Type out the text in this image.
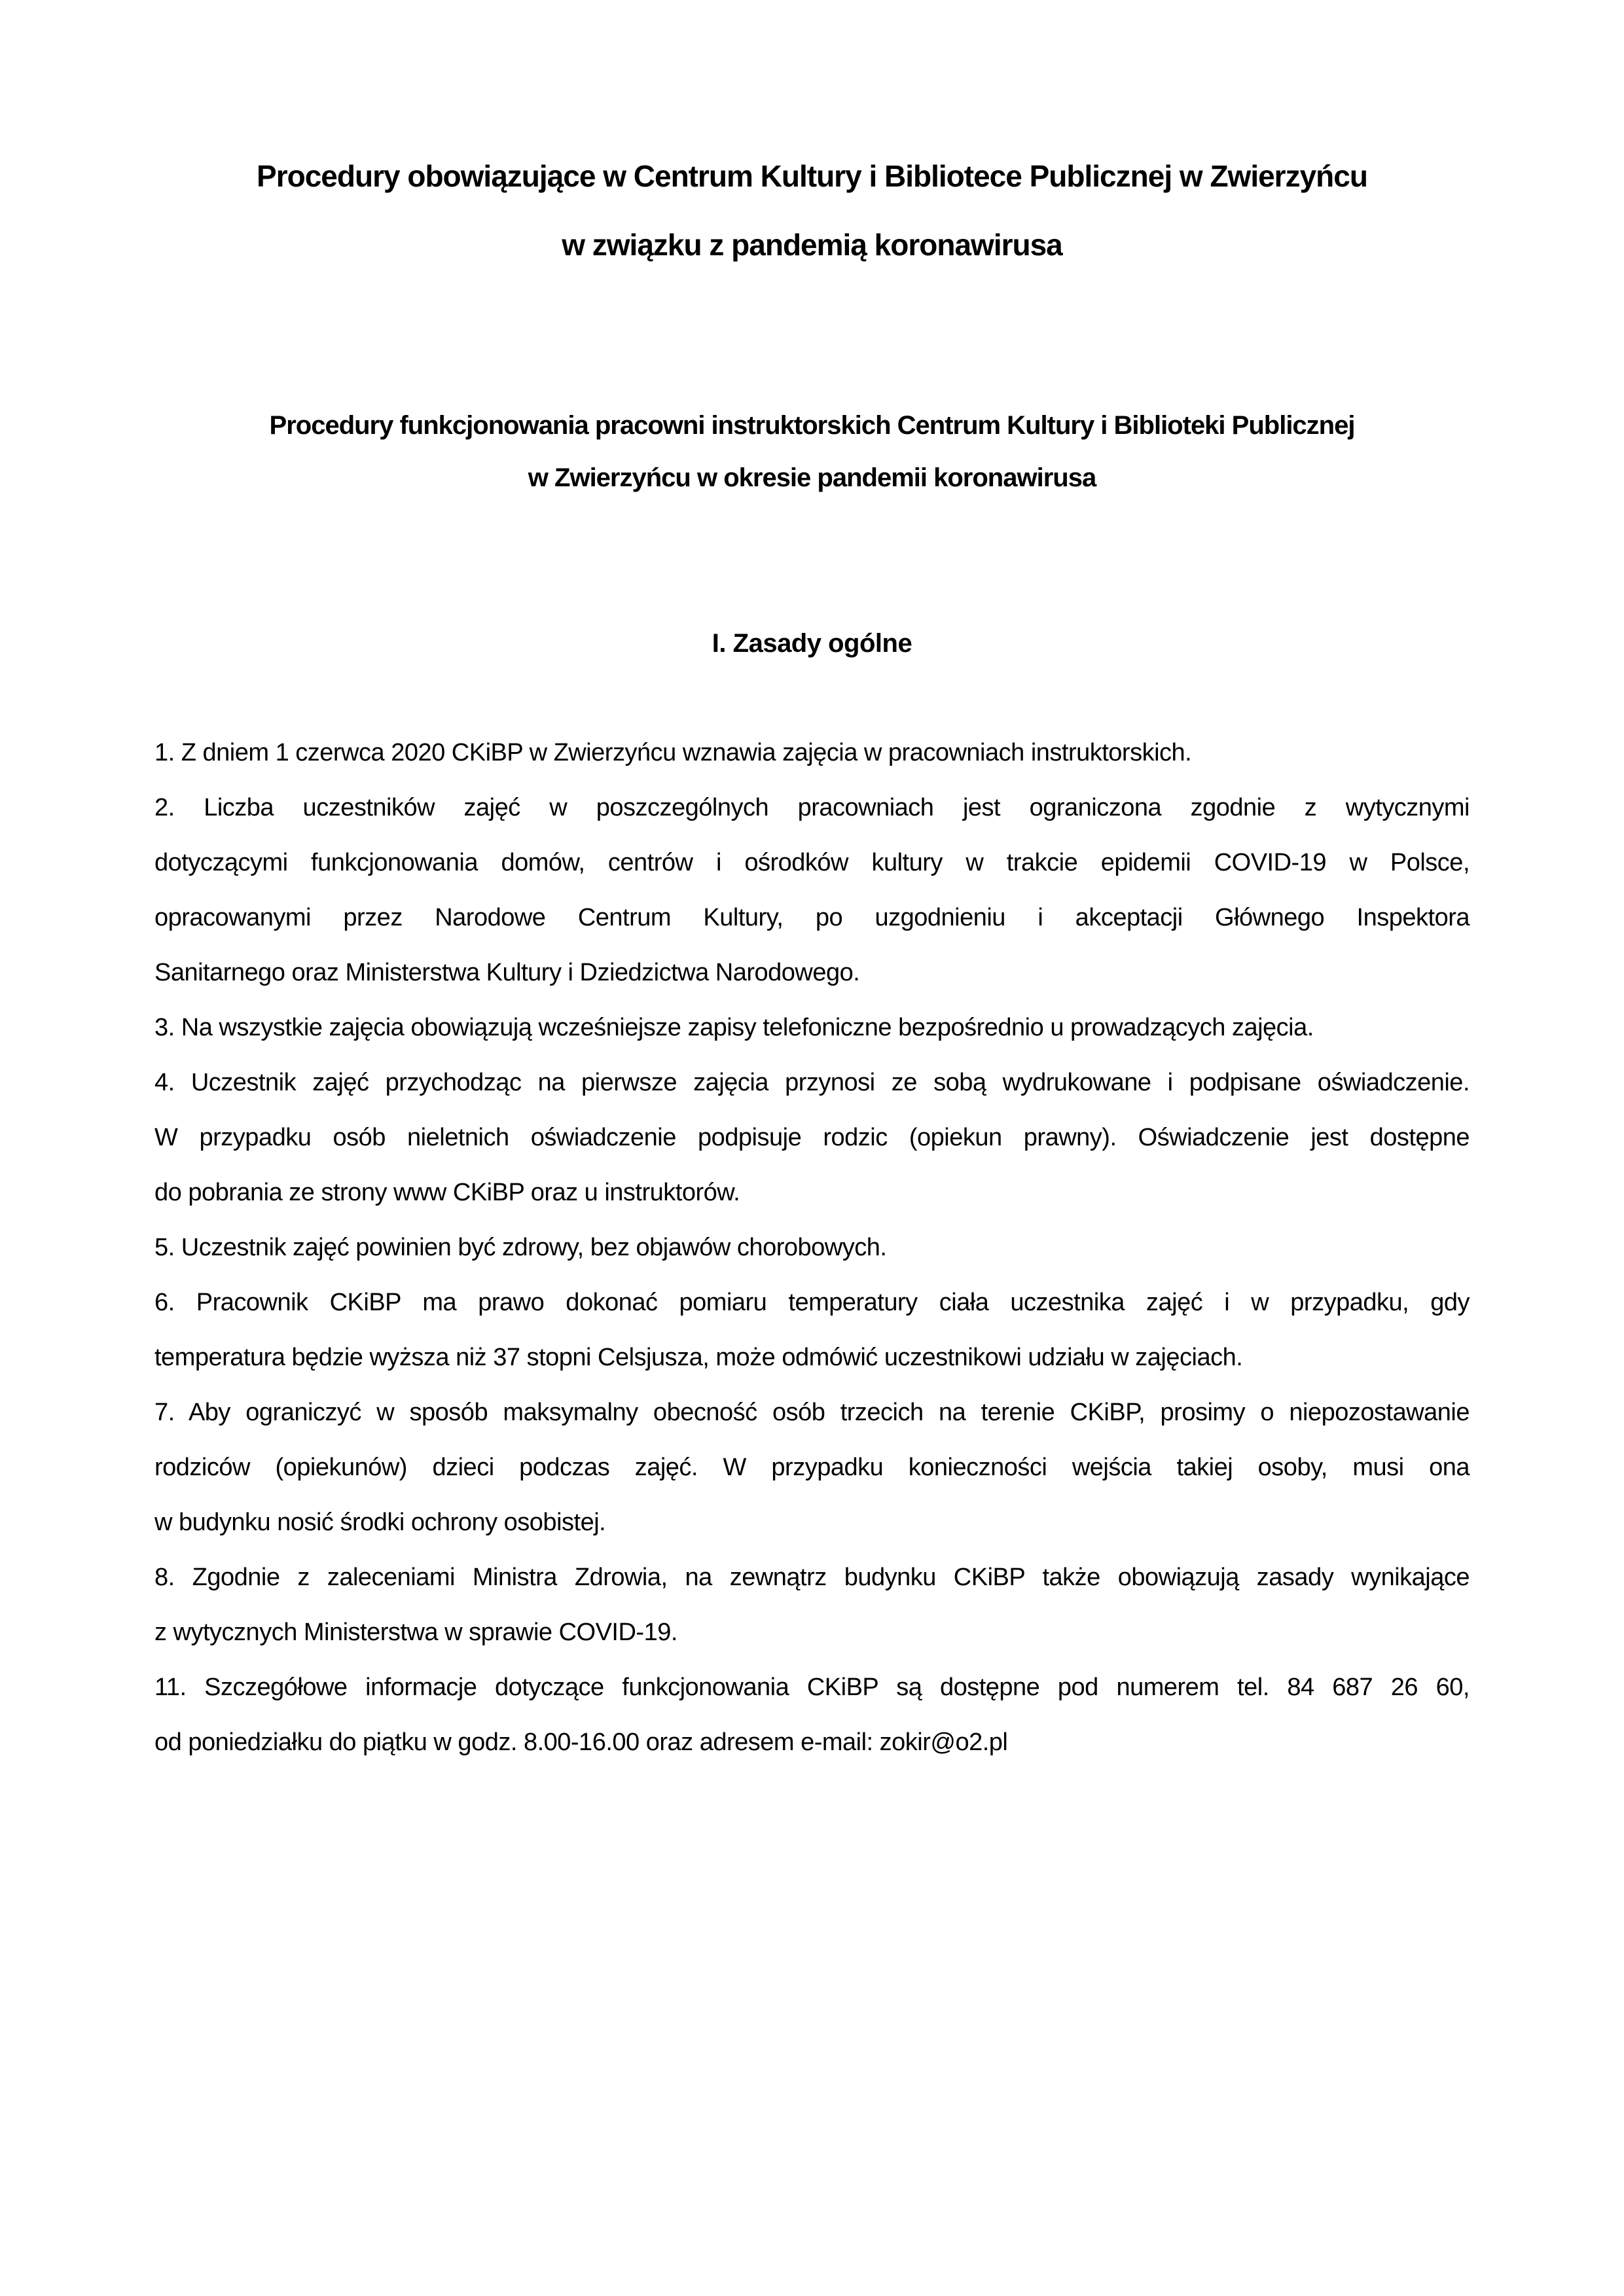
Procedury obowiązujące w Centrum Kultury i Bibliotece Publicznej w Zwierzyńcu
w związku z pandemią koronawirusa
Procedury funkcjonowania pracowni instruktorskich Centrum Kultury i Biblioteki Publicznej
w Zwierzyńcu w okresie pandemii koronawirusa
I. Zasady ogólne

1. Z dniem 1 czerwca 2020 CKiBP w Zwierzyńcu wznawia zajęcia w pracowniach instruktorskich.

2. Liczba uczestników zajęć w poszczególnych pracowniach jest ograniczona zgodnie z wytycznymi
dotyczącymi funkcjonowania domów, centrów i ośrodków kultury w trakcie epidemii COVID-19 w Polsce,
opracowanymi przez Narodowe Centrum Kultury, po uzgodnieniu i akceptacji Głównego Inspektora
Sanitarnego oraz Ministerstwa Kultury i Dziedzictwa Narodowego.

3. Na wszystkie zajęcia obowiązują wcześniejsze zapisy telefoniczne bezpośrednio u prowadzących zajęcia.

4. Uczestnik zajęć przychodząc na pierwsze zajęcia przynosi ze sobą wydrukowane i podpisane oświadczenie.
W przypadku osób nieletnich oświadczenie podpisuje rodzic (opiekun prawny). Oświadczenie jest dostępne
do pobrania ze strony www CKiBP oraz u instruktorów.

5. Uczestnik zajęć powinien być zdrowy, bez objawów chorobowych.

6. Pracownik CKiBP ma prawo dokonać pomiaru temperatury ciała uczestnika zajęć i w przypadku, gdy
temperatura będzie wyższa niż 37 stopni Celsjusza, może odmówić uczestnikowi udziału w zajęciach.

7. Aby ograniczyć w sposób maksymalny obecność osób trzecich na terenie CKiBP, prosimy o niepozostawanie
rodziców (opiekunów) dzieci podczas zajęć. W przypadku konieczności wejścia takiej osoby, musi ona
w budynku nosić środki ochrony osobistej.

8. Zgodnie z zaleceniami Ministra Zdrowia, na zewnątrz budynku CKiBP także obowiązują zasady wynikające
z wytycznych Ministerstwa w sprawie COVID-19.

11. Szczegółowe informacje dotyczące funkcjonowania CKiBP są dostępne pod numerem tel. 84 687 26 60,
od poniedziałku do piątku w godz. 8.00-16.00 oraz adresem e-mail: zokir@o2.pl
